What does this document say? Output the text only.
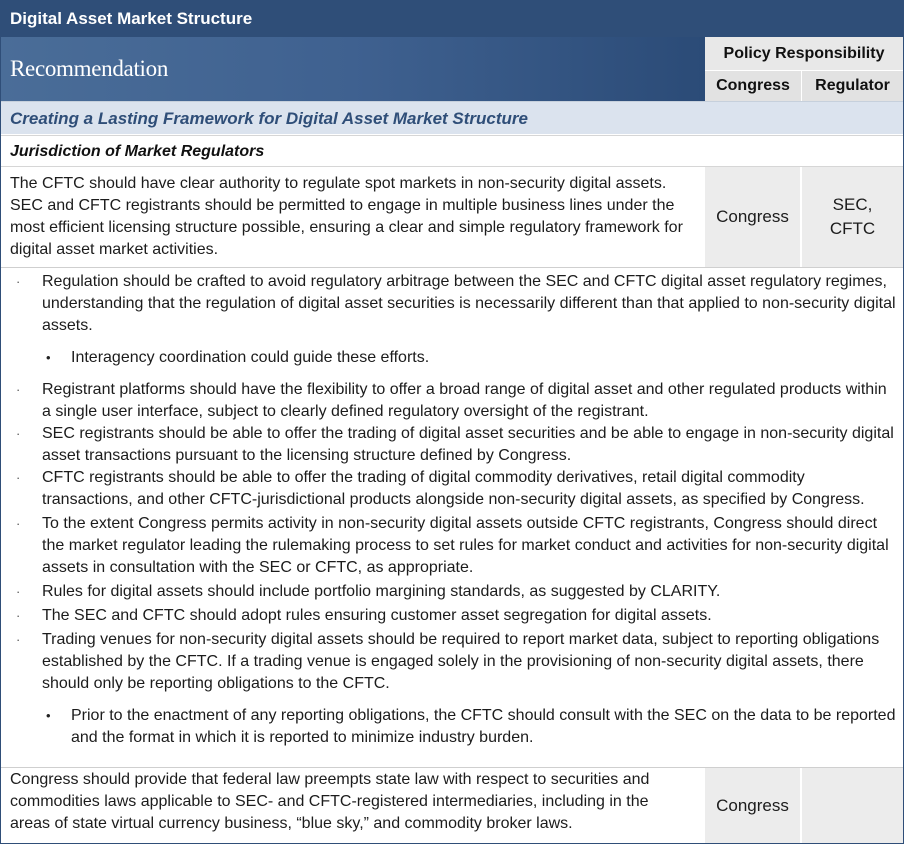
Digital Asset Market Structure
Recommendation
Policy Responsibility
Congress	Regulator
Creating a Lasting Framework for Digital Asset Market Structure
Jurisdiction of Market Regulators
The CFTC should have clear authority to regulate spot markets in non-security digital assets. SEC and CFTC registrants should be permitted to engage in multiple business lines under the most efficient licensing structure possible, ensuring a clear and simple regulatory framework for digital asset market activities.
Congress
SEC,
CFTC
· Regulation should be crafted to avoid regulatory arbitrage between the SEC and CFTC digital asset regulatory regimes, understanding that the regulation of digital asset securities is necessarily different than that applied to non-security digital assets.
• Interagency coordination could guide these efforts.
· Registrant platforms should have the flexibility to offer a broad range of digital asset and other regulated products within a single user interface, subject to clearly defined regulatory oversight of the registrant.
· SEC registrants should be able to offer the trading of digital asset securities and be able to engage in non-security digital asset transactions pursuant to the licensing structure defined by Congress.
· CFTC registrants should be able to offer the trading of digital commodity derivatives, retail digital commodity transactions, and other CFTC-jurisdictional products alongside non-security digital assets, as specified by Congress.
· To the extent Congress permits activity in non-security digital assets outside CFTC registrants, Congress should direct the market regulator leading the rulemaking process to set rules for market conduct and activities for non-security digital assets in consultation with the SEC or CFTC, as appropriate.
· Rules for digital assets should include portfolio margining standards, as suggested by CLARITY.
· The SEC and CFTC should adopt rules ensuring customer asset segregation for digital assets.
· Trading venues for non-security digital assets should be required to report market data, subject to reporting obligations established by the CFTC. If a trading venue is engaged solely in the provisioning of non-security digital assets, there should only be reporting obligations to the CFTC.
• Prior to the enactment of any reporting obligations, the CFTC should consult with the SEC on the data to be reported and the format in which it is reported to minimize industry burden.
Congress should provide that federal law preempts state law with respect to securities and commodities laws applicable to SEC- and CFTC-registered intermediaries, including in the areas of state virtual currency business, “blue sky,” and commodity broker laws.
Congress
